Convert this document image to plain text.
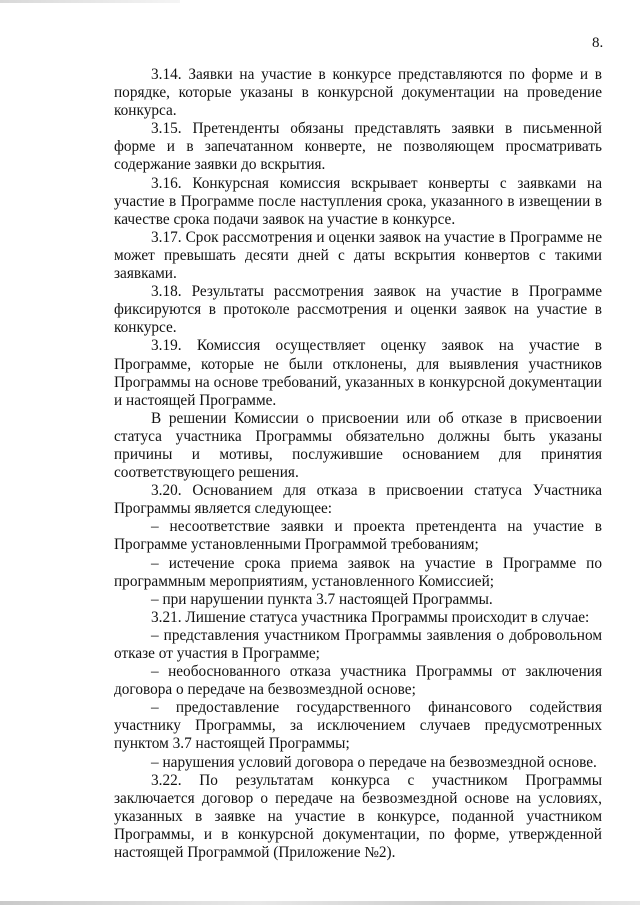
8.

3.14. Заявки на участие в конкурсе представляются по форме и в порядке, которые указаны в конкурсной документации на проведение конкурса.

3.15. Претенденты обязаны представлять заявки в письменной форме и в запечатанном конверте, не позволяющем просматривать содержание заявки до вскрытия.

3.16. Конкурсная комиссия вскрывает конверты с заявками на участие в Программе после наступления срока, указанного в извещении в качестве срока подачи заявок на участие в конкурсе.

3.17. Срок рассмотрения и оценки заявок на участие в Программе не может превышать десяти дней с даты вскрытия конвертов с такими заявками.

3.18. Результаты рассмотрения заявок на участие в Программе фиксируются в протоколе рассмотрения и оценки заявок на участие в конкурсе.

3.19. Комиссия осуществляет оценку заявок на участие в Программе, которые не были отклонены, для выявления участников Программы на основе требований, указанных в конкурсной документации и настоящей Программе.

В решении Комиссии о присвоении или об отказе в присвоении статуса участника Программы обязательно должны быть указаны причины и мотивы, послужившие основанием для принятия соответствующего решения.

3.20. Основанием для отказа в присвоении статуса Участника Программы является следующее:

– несоответствие заявки и проекта претендента на участие в Программе установленными Программой требованиям;

– истечение срока приема заявок на участие в Программе по программным мероприятиям, установленного Комиссией;

– при нарушении пункта 3.7 настоящей Программы.

3.21. Лишение статуса участника Программы происходит в случае:

– представления участником Программы заявления о добровольном отказе от участия в Программе;

– необоснованного отказа участника Программы от заключения договора о передаче на безвозмездной основе;

– предоставление государственного финансового содействия участнику Программы, за исключением случаев предусмотренных пунктом 3.7 настоящей Программы;

– нарушения условий договора о передаче на безвозмездной основе.

3.22. По результатам конкурса с участником Программы заключается договор о передаче на безвозмездной основе на условиях, указанных в заявке на участие в конкурсе, поданной участником Программы, и в конкурсной документации, по форме, утвержденной настоящей Программой (Приложение №2).
